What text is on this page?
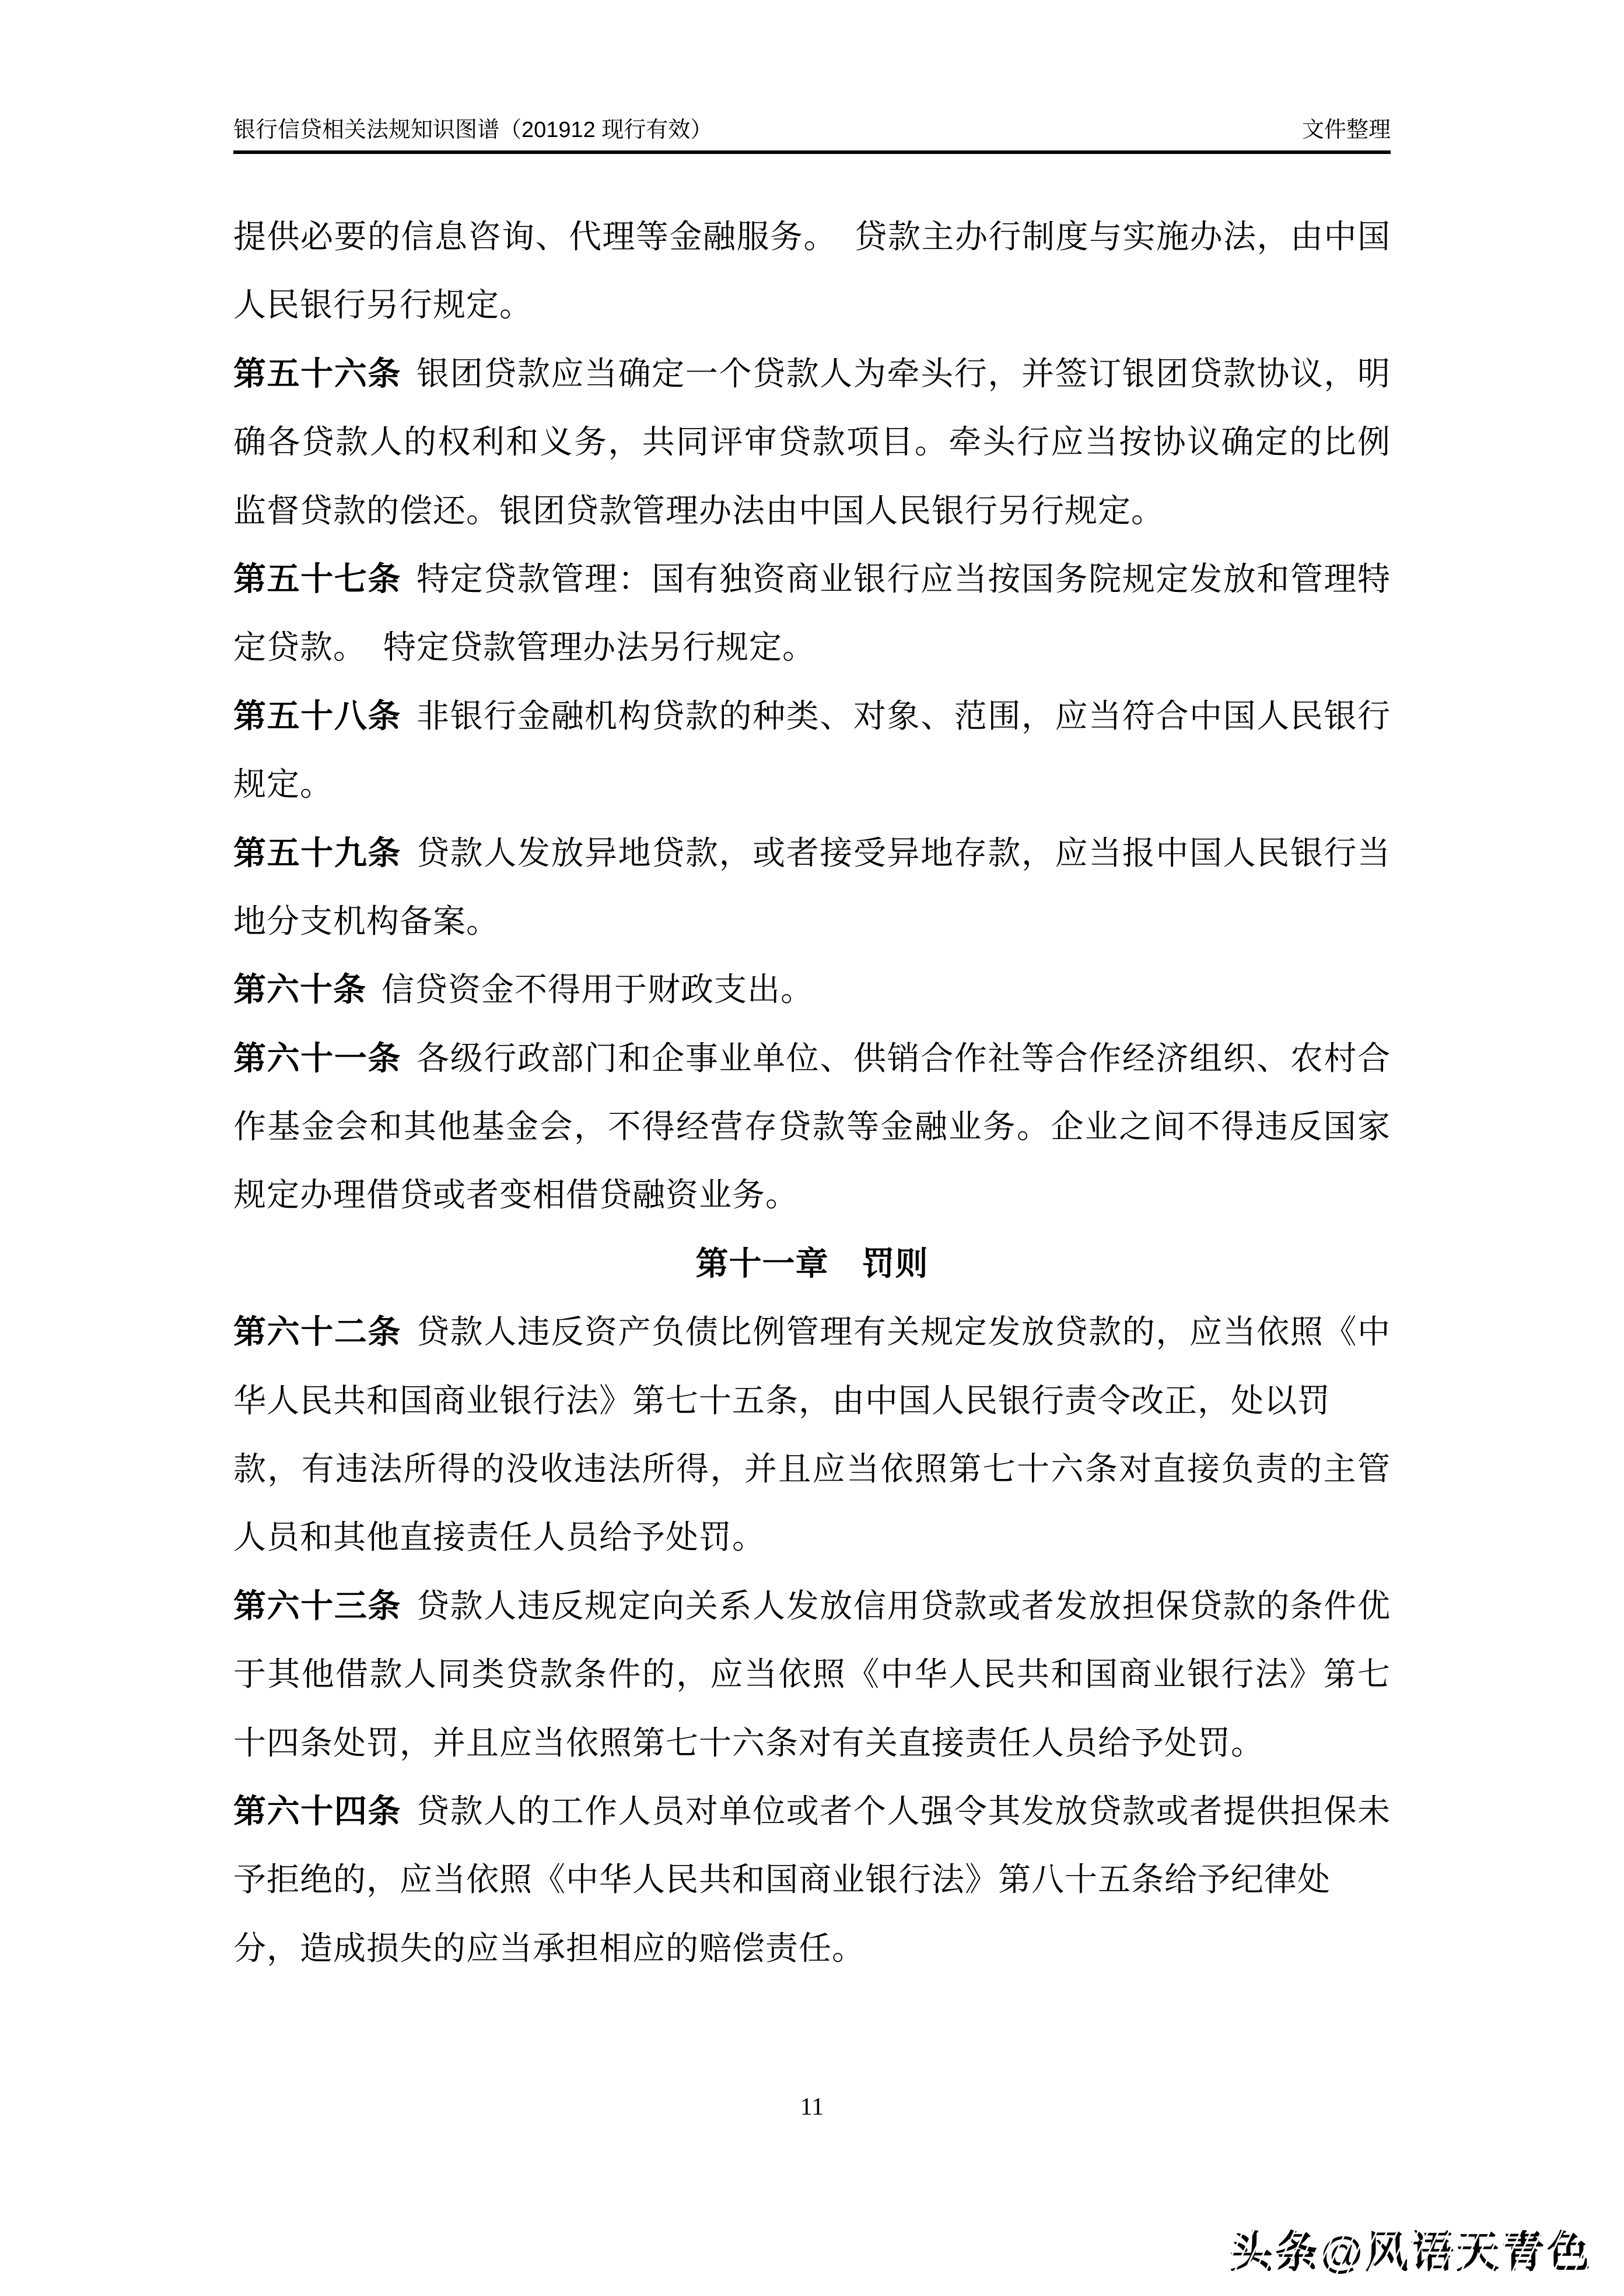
银行信贷相关法规知识图谱（201912 现行有效）	文件整理
提供必要的信息咨询、代理等金融服务。　贷款主办行制度与实施办法，由中国
人民银行另行规定。
第五十六条 银团贷款应当确定一个贷款人为牵头行，并签订银团贷款协议，明
确各贷款人的权利和义务，共同评审贷款项目。牵头行应当按协议确定的比例
监督贷款的偿还。银团贷款管理办法由中国人民银行另行规定。
第五十七条 特定贷款管理：国有独资商业银行应当按国务院规定发放和管理特
定贷款。　特定贷款管理办法另行规定。
第五十八条 非银行金融机构贷款的种类、对象、范围，应当符合中国人民银行
规定。
第五十九条 贷款人发放异地贷款，或者接受异地存款，应当报中国人民银行当
地分支机构备案。
第六十条 信贷资金不得用于财政支出。
第六十一条 各级行政部门和企事业单位、供销合作社等合作经济组织、农村合
作基金会和其他基金会，不得经营存贷款等金融业务。企业之间不得违反国家
规定办理借贷或者变相借贷融资业务。
第十一章　罚则
第六十二条 贷款人违反资产负债比例管理有关规定发放贷款的，应当依照《中
华人民共和国商业银行法》第七十五条，由中国人民银行责令改正，处以罚
款，有违法所得的没收违法所得，并且应当依照第七十六条对直接负责的主管
人员和其他直接责任人员给予处罚。
第六十三条 贷款人违反规定向关系人发放信用贷款或者发放担保贷款的条件优
于其他借款人同类贷款条件的，应当依照《中华人民共和国商业银行法》第七
十四条处罚，并且应当依照第七十六条对有关直接责任人员给予处罚。
第六十四条 贷款人的工作人员对单位或者个人强令其发放贷款或者提供担保未
予拒绝的，应当依照《中华人民共和国商业银行法》第八十五条给予纪律处
分，造成损失的应当承担相应的赔偿责任。
11
头条@风语天青色
